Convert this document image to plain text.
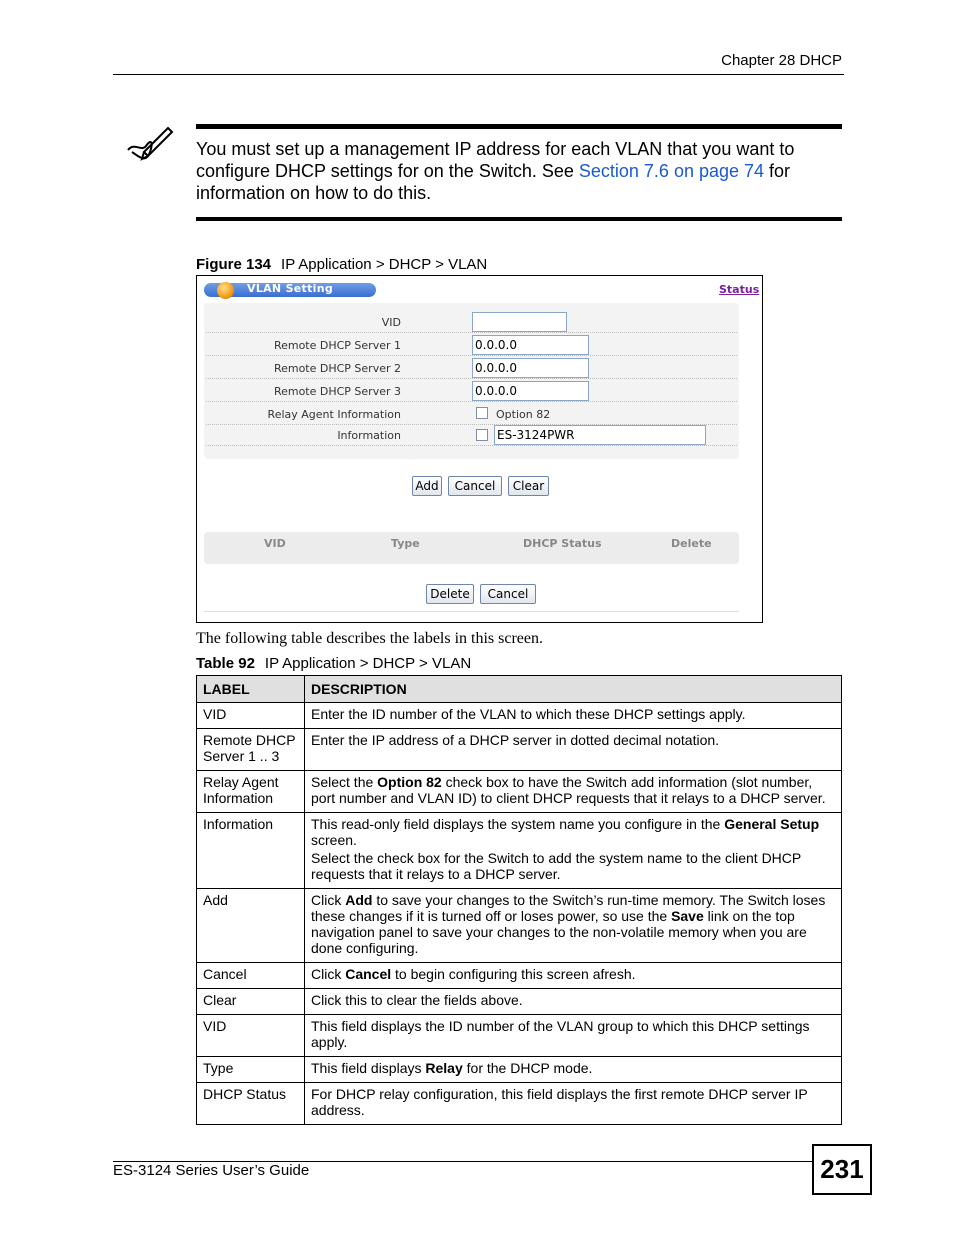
Chapter 28 DHCP
You must set up a management IP address for each VLAN that you want to configure DHCP settings for on the Switch. See Section 7.6 on page 74 for information on how to do this.
Figure 134 IP Application > DHCP > VLAN
VLAN Setting	Status
VID
Remote DHCP Server 1	0.0.0.0
Remote DHCP Server 2	0.0.0.0
Remote DHCP Server 3	0.0.0.0
Relay Agent Information	Option 82
Information	ES-3124PWR
Add	Cancel	Clear
VID	Type	DHCP Status	Delete
Delete	Cancel
The following table describes the labels in this screen.
Table 92 IP Application > DHCP > VLAN
LABEL	DESCRIPTION
VID	Enter the ID number of the VLAN to which these DHCP settings apply.
Remote DHCP Server 1 .. 3	Enter the IP address of a DHCP server in dotted decimal notation.
Relay Agent Information	Select the Option 82 check box to have the Switch add information (slot number, port number and VLAN ID) to client DHCP requests that it relays to a DHCP server.
Information	This read-only field displays the system name you configure in the General Setup screen.

Select the check box for the Switch to add the system name to the client DHCP requests that it relays to a DHCP server.

Add	Click Add to save your changes to the Switch’s run-time memory. The Switch loses these changes if it is turned off or loses power, so use the Save link on the top navigation panel to save your changes to the non-volatile memory when you are done configuring.
Cancel	Click Cancel to begin configuring this screen afresh.
Clear	Click this to clear the fields above.
VID	This field displays the ID number of the VLAN group to which this DHCP settings apply.
Type	This field displays Relay for the DHCP mode.
DHCP Status	For DHCP relay configuration, this field displays the first remote DHCP server IP address.
ES-3124 Series User’s Guide	231
